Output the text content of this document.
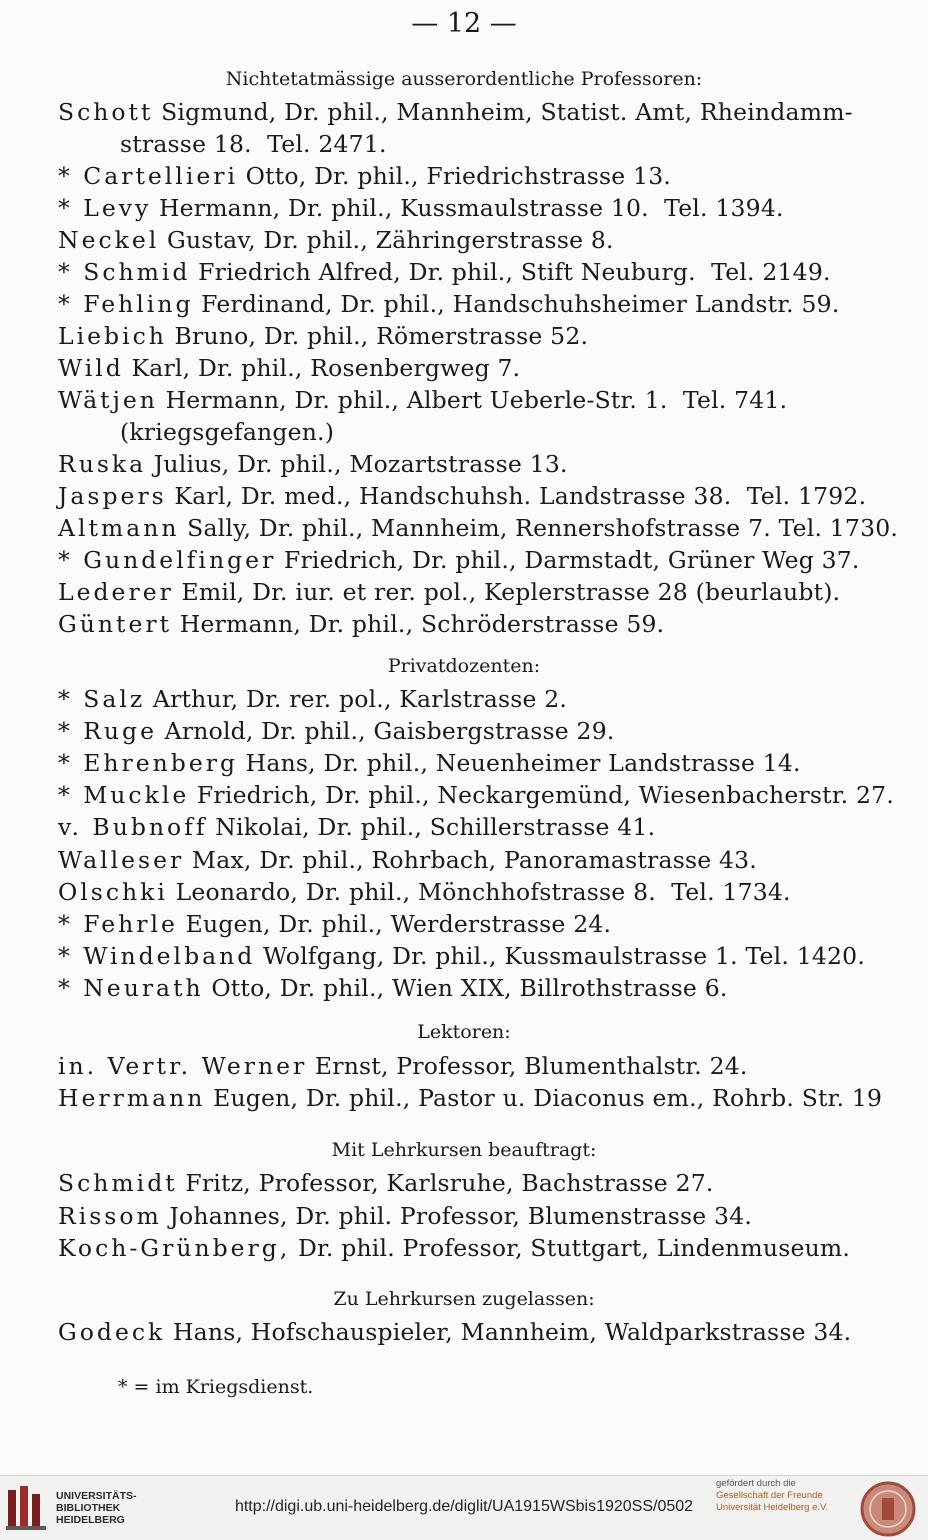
— 12 —
Nichtetatmässige ausserordentliche Professoren:
Schott Sigmund, Dr. phil., Mannheim, Statist. Amt, Rheindamm-
strasse 18.  Tel. 2471.
* Cartellieri Otto, Dr. phil., Friedrichstrasse 13.
* Levy Hermann, Dr. phil., Kussmaulstrasse 10.  Tel. 1394.
Neckel Gustav, Dr. phil., Zähringerstrasse 8.
* Schmid Friedrich Alfred, Dr. phil., Stift Neuburg.  Tel. 2149.
* Fehling Ferdinand, Dr. phil., Handschuhsheimer Landstr. 59.
Liebich Bruno, Dr. phil., Römerstrasse 52.
Wild Karl, Dr. phil., Rosenbergweg 7.
Wätjen Hermann, Dr. phil., Albert Ueberle-Str. 1.  Tel. 741.
(kriegsgefangen.)
Ruska Julius, Dr. phil., Mozartstrasse 13.
Jaspers Karl, Dr. med., Handschuhsh. Landstrasse 38.  Tel. 1792.
Altmann Sally, Dr. phil., Mannheim, Rennershofstrasse 7. Tel. 1730.
* Gundelfinger Friedrich, Dr. phil., Darmstadt, Grüner Weg 37.
Lederer Emil, Dr. iur. et rer. pol., Keplerstrasse 28 (beurlaubt).
Güntert Hermann, Dr. phil., Schröderstrasse 59.
Privatdozenten:
* Salz Arthur, Dr. rer. pol., Karlstrasse 2.
* Ruge Arnold, Dr. phil., Gaisbergstrasse 29.
* Ehrenberg Hans, Dr. phil., Neuenheimer Landstrasse 14.
* Muckle Friedrich, Dr. phil., Neckargemünd, Wiesenbacherstr. 27.
v. Bubnoff Nikolai, Dr. phil., Schillerstrasse 41.
Walleser Max, Dr. phil., Rohrbach, Panoramastrasse 43.
Olschki Leonardo, Dr. phil., Mönchhofstrasse 8.  Tel. 1734.
* Fehrle Eugen, Dr. phil., Werderstrasse 24.
* Windelband Wolfgang, Dr. phil., Kussmaulstrasse 1. Tel. 1420.
* Neurath Otto, Dr. phil., Wien XIX, Billrothstrasse 6.
Lektoren:
in. Vertr. Werner Ernst, Professor, Blumenthalstr. 24.
Herrmann Eugen, Dr. phil., Pastor u. Diaconus em., Rohrb. Str. 19
Mit Lehrkursen beauftragt:
Schmidt Fritz, Professor, Karlsruhe, Bachstrasse 27.
Rissom Johannes, Dr. phil. Professor, Blumenstrasse 34.
Koch-Grünberg, Dr. phil. Professor, Stuttgart, Lindenmuseum.
Zu Lehrkursen zugelassen:
Godeck Hans, Hofschauspieler, Mannheim, Waldparkstrasse 34.
* = im Kriegsdienst.
UNIVERSITÄTS-
BIBLIOTHEK
HEIDELBERG
http://digi.ub.uni-heidelberg.de/diglit/UA1915WSbis1920SS/0502
gefördert durch die
Gesellschaft der Freunde
Universität Heidelberg e.V.
